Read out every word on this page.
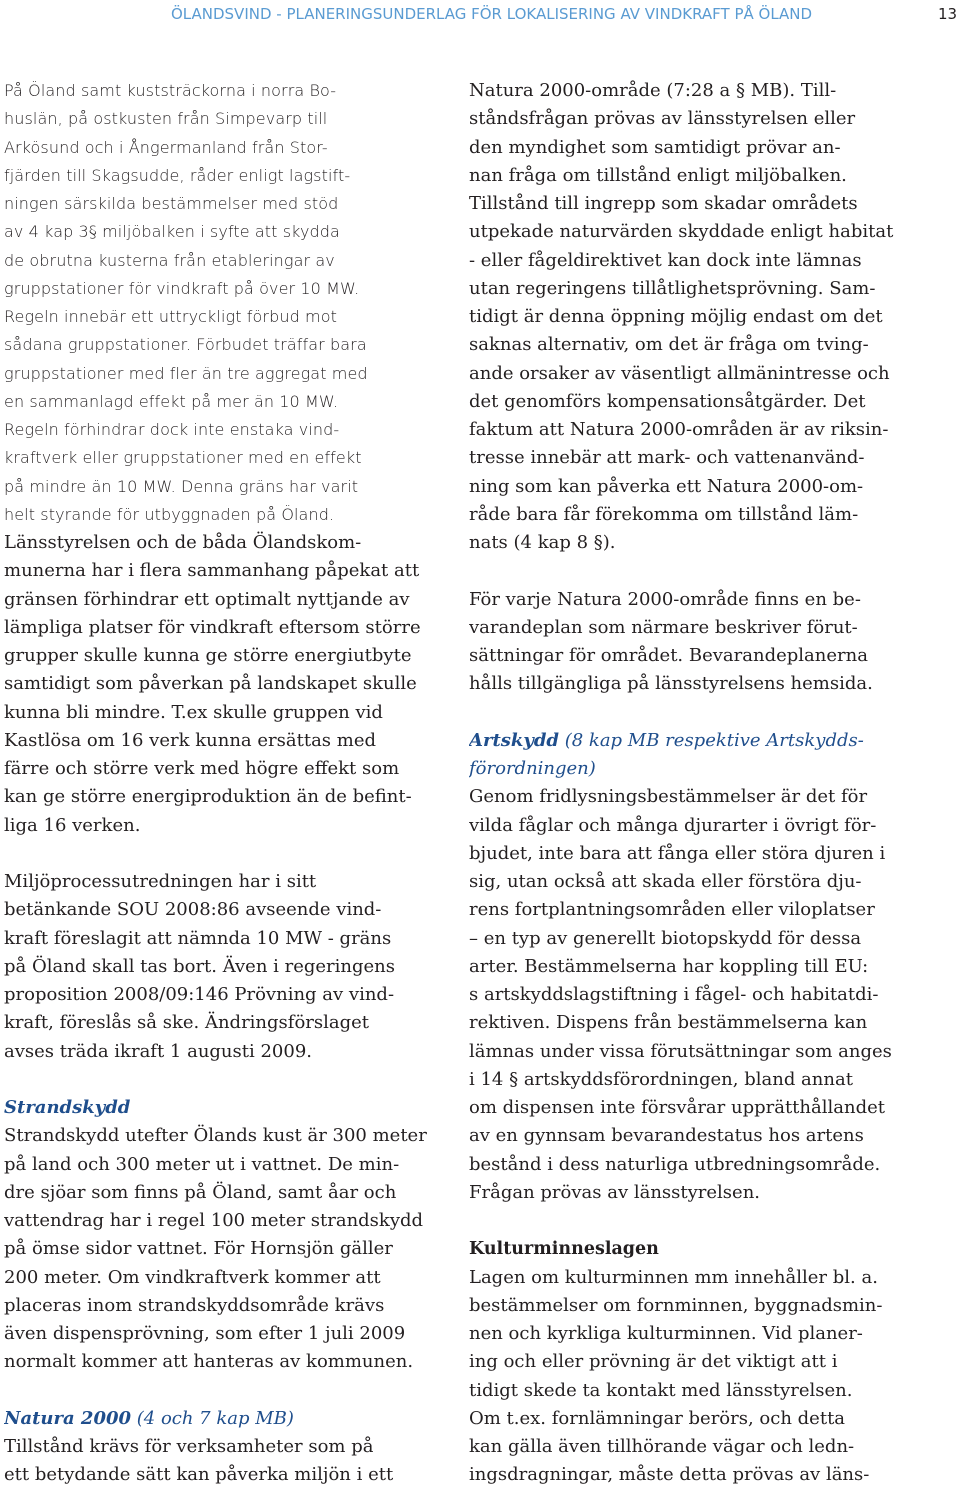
ÖLANDSVIND - PLANERINGSUNDERLAG FÖR LOKALISERING AV VINDKRAFT PÅ ÖLAND	13
På Öland samt kuststräckorna i norra Bo-
huslän, på ostkusten från Simpevarp till
Arkösund och i Ångermanland från Stor-
fjärden till Skagsudde, råder enligt lagstift-
ningen särskilda bestämmelser med stöd
av 4 kap 3§ miljöbalken i syfte att skydda
de obrutna kusterna från etableringar av
gruppstationer för vindkraft på över 10 MW.
Regeln innebär ett uttryckligt förbud mot
sådana gruppstationer. Förbudet träffar bara
gruppstationer med fler än tre aggregat med
en sammanlagd effekt på mer än 10 MW.
Regeln förhindrar dock inte enstaka vind-
kraftverk eller gruppstationer med en effekt
på mindre än 10 MW. Denna gräns har varit
helt styrande för utbyggnaden på Öland.
Länsstyrelsen och de båda Ölandskom-
munerna har i flera sammanhang påpekat att
gränsen förhindrar ett optimalt nyttjande av
lämpliga platser för vindkraft eftersom större
grupper skulle kunna ge större energiutbyte
samtidigt som påverkan på landskapet skulle
kunna bli mindre. T.ex skulle gruppen vid
Kastlösa om 16 verk kunna ersättas med
färre och större verk med högre effekt som
kan ge större energiproduktion än de befint-
liga 16 verken.
Miljöprocessutredningen har i sitt
betänkande SOU 2008:86 avseende vind-
kraft föreslagit att nämnda 10 MW - gräns
på Öland skall tas bort. Även i regeringens
proposition 2008/09:146 Prövning av vind-
kraft, föreslås så ske. Ändringsförslaget
avses träda ikraft 1 augusti 2009.
Strandskydd
Strandskydd utefter Ölands kust är 300 meter
på land och 300 meter ut i vattnet. De min-
dre sjöar som finns på Öland, samt åar och
vattendrag har i regel 100 meter strandskydd
på ömse sidor vattnet. För Hornsjön gäller
200 meter. Om vindkraftverk kommer att
placeras inom strandskyddsområde krävs
även dispensprövning, som efter 1 juli 2009
normalt kommer att hanteras av kommunen.
Natura 2000 (4 och 7 kap MB)
Tillstånd krävs för verksamheter som på
ett betydande sätt kan påverka miljön i ett
Natura 2000-område (7:28 a § MB). Till-
ståndsfrågan prövas av länsstyrelsen eller
den myndighet som samtidigt prövar an-
nan fråga om tillstånd enligt miljöbalken.
Tillstånd till ingrepp som skadar områdets
utpekade naturvärden skyddade enligt habitat
- eller fågeldirektivet kan dock inte lämnas
utan regeringens tillåtlighetsprövning. Sam-
tidigt är denna öppning möjlig endast om det
saknas alternativ, om det är fråga om tving-
ande orsaker av väsentligt allmänintresse och
det genomförs kompensationsåtgärder. Det
faktum att Natura 2000-områden är av riksin-
tresse innebär att mark- och vattenanvänd-
ning som kan påverka ett Natura 2000-om-
råde bara får förekomma om tillstånd läm-
nats (4 kap 8 §).
För varje Natura 2000-område finns en be-
varandeplan som närmare beskriver förut-
sättningar för området. Bevarandeplanerna
hålls tillgängliga på länsstyrelsens hemsida.
Artskydd (8 kap MB respektive Artskydds-
förordningen)
Genom fridlysningsbestämmelser är det för
vilda fåglar och många djurarter i övrigt för-
bjudet, inte bara att fånga eller störa djuren i
sig, utan också att skada eller förstöra dju-
rens fortplantningsområden eller viloplatser
– en typ av generellt biotopskydd för dessa
arter. Bestämmelserna har koppling till EU:
s artskyddslagstiftning i fågel- och habitatdi-
rektiven. Dispens från bestämmelserna kan
lämnas under vissa förutsättningar som anges
i 14 § artskyddsförordningen, bland annat
om dispensen inte försvårar upprätthållandet
av en gynnsam bevarandestatus hos artens
bestånd i dess naturliga utbredningsområde.
Frågan prövas av länsstyrelsen.
Kulturminneslagen
Lagen om kulturminnen mm innehåller bl. a.
bestämmelser om fornminnen, byggnadsmin-
nen och kyrkliga kulturminnen. Vid planer-
ing och eller prövning är det viktigt att i
tidigt skede ta kontakt med länsstyrelsen.
Om t.ex. fornlämningar berörs, och detta
kan gälla även tillhörande vägar och ledn-
ingsdragningar, måste detta prövas av läns-
